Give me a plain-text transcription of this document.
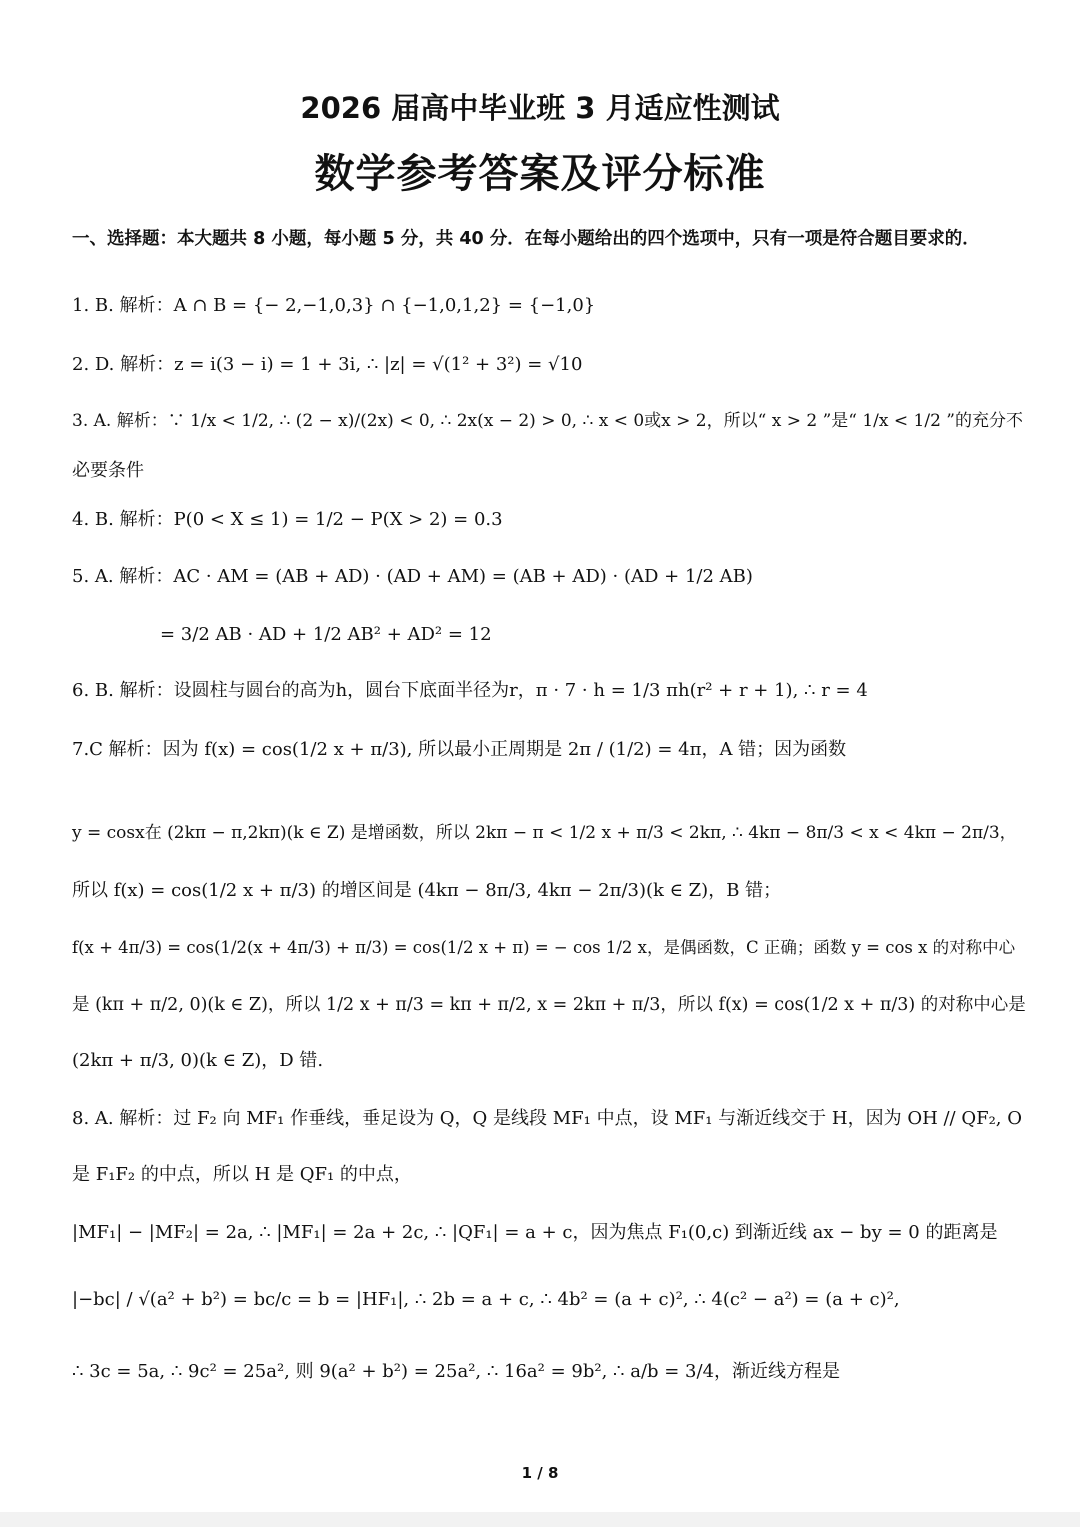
2026 届高中毕业班 3 月适应性测试
数学参考答案及评分标准
一、选择题：本大题共 8 小题，每小题 5 分，共 40 分．在每小题给出的四个选项中，只有一项是符合题目要求的．
1. B. 解析：A ∩ B = {− 2,−1,0,3} ∩ {−1,0,1,2} = {−1,0}
2. D. 解析：z = i(3 − i) = 1 + 3i, ∴ |z| = √(1² + 3²) = √10
3. A. 解析：∵ 1/x < 1/2, ∴ (2 − x)/(2x) < 0, ∴ 2x(x − 2) > 0, ∴ x < 0或x > 2，所以“ x > 2 ”是“ 1/x < 1/2 ”的充分不
必要条件
4. B. 解析：P(0 < X ≤ 1) = 1/2 − P(X > 2) = 0.3
5. A. 解析：AC · AM = (AB + AD) · (AD + AM) = (AB + AD) · (AD + 1/2 AB)
= 3/2 AB · AD + 1/2 AB² + AD² = 12
6. B. 解析：设圆柱与圆台的高为h，圆台下底面半径为r，π · 7 · h = 1/3 πh(r² + r + 1), ∴ r = 4
7.C 解析：因为 f(x) = cos(1/2 x + π/3), 所以最小正周期是 2π / (1/2) = 4π，A 错；因为函数
y = cosx在 (2kπ − π,2kπ)(k ∈ Z) 是增函数，所以 2kπ − π < 1/2 x + π/3 < 2kπ, ∴ 4kπ − 8π/3 < x < 4kπ − 2π/3，
所以 f(x) = cos(1/2 x + π/3) 的增区间是 (4kπ − 8π/3, 4kπ − 2π/3)(k ∈ Z)，B 错；
f(x + 4π/3) = cos(1/2(x + 4π/3) + π/3) = cos(1/2 x + π) = − cos 1/2 x，是偶函数，C 正确；函数 y = cos x 的对称中心
是 (kπ + π/2, 0)(k ∈ Z)，所以 1/2 x + π/3 = kπ + π/2, x = 2kπ + π/3，所以 f(x) = cos(1/2 x + π/3) 的对称中心是
(2kπ + π/3, 0)(k ∈ Z)，D 错.
8. A. 解析：过 F₂ 向 MF₁ 作垂线，垂足设为 Q，Q 是线段 MF₁ 中点，设 MF₁ 与渐近线交于 H，因为 OH // QF₂, O
是 F₁F₂ 的中点，所以 H 是 QF₁ 的中点，
|MF₁| − |MF₂| = 2a, ∴ |MF₁| = 2a + 2c, ∴ |QF₁| = a + c，因为焦点 F₁(0,c) 到渐近线 ax − by = 0 的距离是
|−bc| / √(a² + b²) = bc/c = b = |HF₁|, ∴ 2b = a + c, ∴ 4b² = (a + c)², ∴ 4(c² − a²) = (a + c)²,
∴ 3c = 5a, ∴ 9c² = 25a², 则 9(a² + b²) = 25a², ∴ 16a² = 9b², ∴ a/b = 3/4，渐近线方程是
1 / 8
